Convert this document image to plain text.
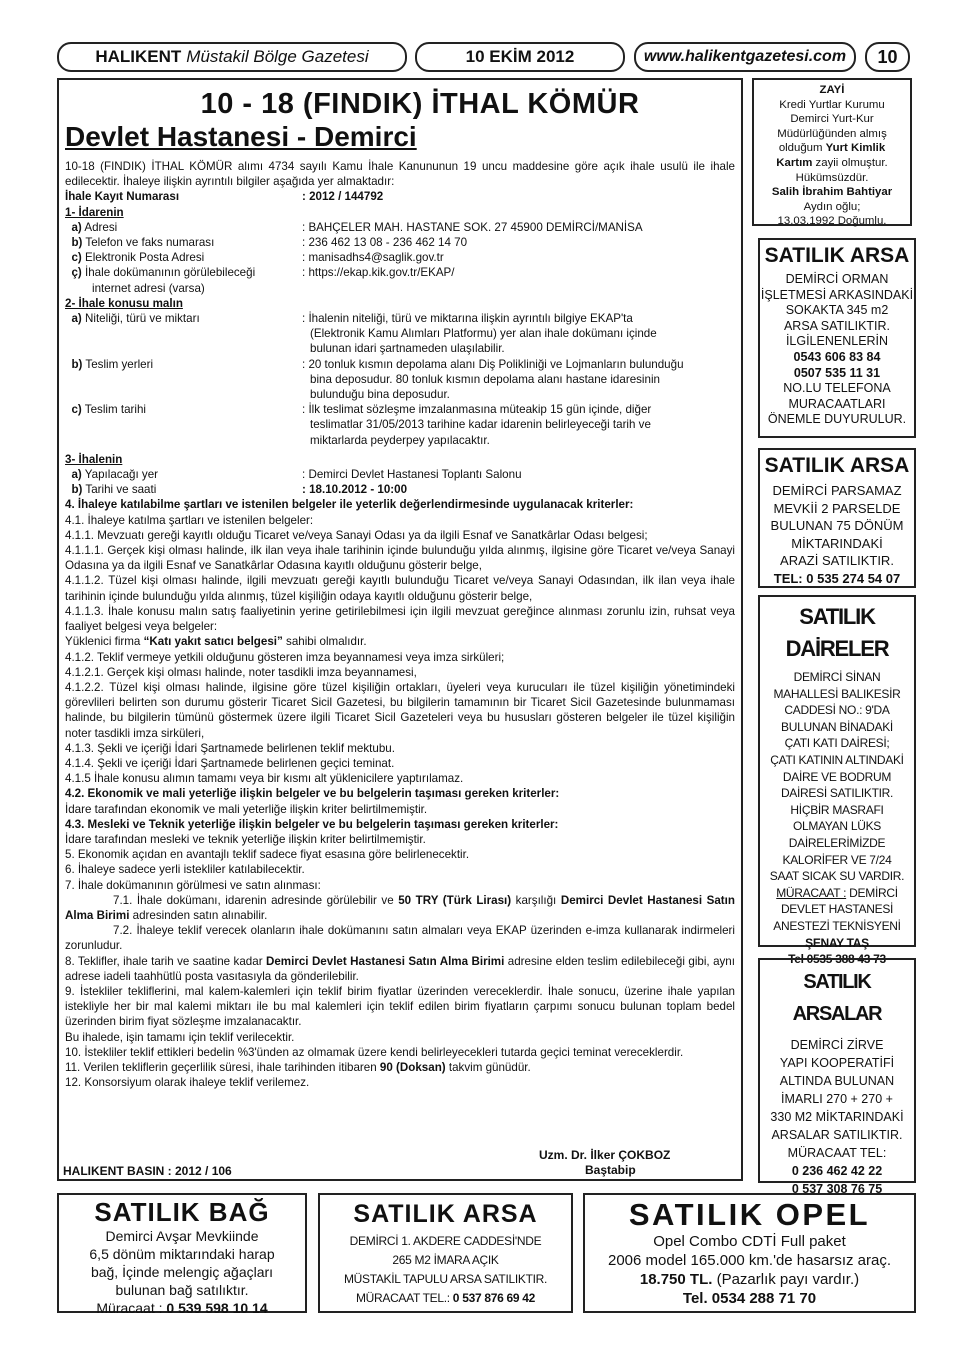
HALIKENT Müstakil Bölge Gazetesi	10 EKİM 2012	www.halikentgazetesi.com 10
10 - 18 (FINDIK) İTHAL KÖMÜR
Devlet Hastanesi - Demirci

10-18 (FINDIK) İTHAL KÖMÜR alımı 4734 sayılı Kamu İhale Kanununun 19 uncu maddesine göre açık ihale usulü ile ihale edilecektir. İhaleye ilişkin ayrıntılı bilgiler aşağıda yer almaktadır:

İhale Kayıt Numarası	: 2012 / 144792

1- İdarenin

a) Adresi	: BAHÇELER MAH. HASTANE SOK. 27 45900 DEMİRCİ/MANİSA
b) Telefon ve faks numarası	: 236 462 13 08 - 236 462 14 70
c) Elektronik Posta Adresi	: manisadhs4@saglik.gov.tr
ç) İhale dokümanının görülebileceği	: https://ekap.kik.gov.tr/EKAP/

internet adresi (varsa)

2- İhale konusu malın

a) Niteliği, türü ve miktarı	: İhalenin niteliği, türü ve miktarına ilişkin ayrıntılı bilgiye EKAP'ta
(Elektronik Kamu Alımları Platformu) yer alan ihale dokümanı içinde
bulunan idari şartnameden ulaşılabilir.
b) Teslim yerleri	: 20 tonluk kısmın depolama alanı Diş Polikliniği ve Lojmanların bulunduğu
bina deposudur. 80 tonluk kısmın depolama alanı hastane idaresinin
bulunduğu bina deposudur.
c) Teslim tarihi	: İlk teslimat sözleşme imzalanmasına müteakip 15 gün içinde, diğer
teslimatlar 31/05/2013 tarihine kadar idarenin belirleyeceği tarih ve
miktarlarda peyderpey yapılacaktır.

3- İhalenin

a) Yapılacağı yer	: Demirci Devlet Hastanesi Toplantı Salonu
b) Tarihi ve saati	: 18.10.2012 - 10:00

4. İhaleye katılabilme şartları ve istenilen belgeler ile yeterlik değerlendirmesinde uygulanacak kriterler:

4.1. İhaleye katılma şartları ve istenilen belgeler:

4.1.1. Mevzuatı gereği kayıtlı olduğu Ticaret ve/veya Sanayi Odası ya da ilgili Esnaf ve Sanatkârlar Odası belgesi;

4.1.1.1. Gerçek kişi olması halinde, ilk ilan veya ihale tarihinin içinde bulunduğu yılda alınmış, ilgisine göre Ticaret ve/veya Sanayi Odasına ya da ilgili Esnaf ve Sanatkârlar Odasına kayıtlı olduğunu gösterir belge,

4.1.1.2. Tüzel kişi olması halinde, ilgili mevzuatı gereği kayıtlı bulunduğu Ticaret ve/veya Sanayi Odasından, ilk ilan veya ihale tarihinin içinde bulunduğu yılda alınmış, tüzel kişiliğin odaya kayıtlı olduğunu gösterir belge,

4.1.1.3. İhale konusu malın satış faaliyetinin yerine getirilebilmesi için ilgili mevzuat gereğince alınması zorunlu izin, ruhsat veya faaliyet belgesi veya belgeler:

Yüklenici firma “Katı yakıt satıcı belgesi” sahibi olmalıdır.

4.1.2. Teklif vermeye yetkili olduğunu gösteren imza beyannamesi veya imza sirküleri;

4.1.2.1. Gerçek kişi olması halinde, noter tasdikli imza beyannamesi,

4.1.2.2. Tüzel kişi olması halinde, ilgisine göre tüzel kişiliğin ortakları, üyeleri veya kurucuları ile tüzel kişiliğin yönetimindeki görevlileri belirten son durumu gösterir Ticaret Sicil Gazetesi, bu bilgilerin tamamının bir Ticaret Sicil Gazetesinde bulunmaması halinde, bu bilgilerin tümünü göstermek üzere ilgili Ticaret Sicil Gazeteleri veya bu hususları gösteren belgeler ile tüzel kişiliğin noter tasdikli imza sirküleri,

4.1.3. Şekli ve içeriği İdari Şartnamede belirlenen teklif mektubu.

4.1.4. Şekli ve içeriği İdari Şartnamede belirlenen geçici teminat.

4.1.5 İhale konusu alımın tamamı veya bir kısmı alt yüklenicilere yaptırılamaz.

4.2. Ekonomik ve mali yeterliğe ilişkin belgeler ve bu belgelerin taşıması gereken kriterler:

İdare tarafından ekonomik ve mali yeterliğe ilişkin kriter belirtilmemiştir.

4.3. Mesleki ve Teknik yeterliğe ilişkin belgeler ve bu belgelerin taşıması gereken kriterler:

İdare tarafından mesleki ve teknik yeterliğe ilişkin kriter belirtilmemiştir.

5. Ekonomik açıdan en avantajlı teklif sadece fiyat esasına göre belirlenecektir.

6. İhaleye sadece yerli istekliler katılabilecektir.

7. İhale dokümanının görülmesi ve satın alınması:

7.1. İhale dokümanı, idarenin adresinde görülebilir ve 50 TRY (Türk Lirası) karşılığı Demirci Devlet Hastanesi Satın Alma Birimi adresinden satın alınabilir.

7.2. İhaleye teklif verecek olanların ihale dokümanını satın almaları veya EKAP üzerinden e-imza kullanarak indirmeleri zorunludur.

8. Teklifler, ihale tarih ve saatine kadar Demirci Devlet Hastanesi Satın Alma Birimi adresine elden teslim edilebileceği gibi, aynı adrese iadeli taahhütlü posta vasıtasıyla da gönderilebilir.

9. İstekliler tekliflerini, mal kalem-kalemleri için teklif birim fiyatlar üzerinden vereceklerdir. İhale sonucu, üzerine ihale yapılan istekliyle her bir mal kalemi miktarı ile bu mal kalemleri için teklif edilen birim fiyatların çarpımı sonucu bulunan toplam bedel üzerinden birim fiyat sözleşme imzalanacaktır.

Bu ihalede, işin tamamı için teklif verilecektir.

10. İstekliler teklif ettikleri bedelin %3'ünden az olmamak üzere kendi belirleyecekleri tutarda geçici teminat vereceklerdir.

11. Verilen tekliflerin geçerlilik süresi, ihale tarihinden itibaren 90 (Doksan) takvim günüdür.

12. Konsorsiyum olarak ihaleye teklif verilemez.

Uzm. Dr. İlker ÇOKBOZ
Baştabip
HALIKENT BASIN : 2012 / 106
ZAYİ
Kredi Yurtlar Kurumu
Demirci Yurt-Kur
Müdürlüğünden almış
olduğum Yurt Kimlik
Kartım zayii olmuştur.
Hükümsüzdür.
Salih İbrahim Bahtiyar
Aydın oğlu;
13.03.1992 Doğumlu.
SATILIK ARSA
DEMİRCİ ORMAN
İŞLETMESİ ARKASINDAKİ
SOKAKTA 345 m2
ARSA SATILIKTIR.
İLGİLENENLERİN
0543 606 83 84
0507 535 11 31
NO.LU TELEFONA
MURACAATLARI
ÖNEMLE DUYURULUR.
SATILIK ARSA
DEMİRCİ PARSAMAZ
MEVKİİ 2 PARSELDE
BULUNAN 75 DÖNÜM
MİKTARINDAKİ
ARAZİ SATILIKTIR.
TEL: 0 535 274 54 07
SATILIK DAİRELER
DEMİRCİ SİNAN
MAHALLESİ BALIKESİR
CADDESİ NO.: 9'DA
BULUNAN BİNADAKİ
ÇATI KATI DAİRESİ;
ÇATI KATININ ALTINDAKİ
DAİRE VE BODRUM
DAİRESİ SATILIKTIR.
HİÇBİR MASRAFI
OLMAYAN LÜKS
DAİRELERİMİZDE
KALORİFER VE 7/24
SAAT SICAK SU VARDIR.
MÜRACAAT : DEMİRCİ
DEVLET HASTANESİ
ANESTEZİ TEKNİSYENİ
ŞENAY TAŞ
Tel 0535 388 43 73
SATILIK ARSALAR
DEMİRCİ ZİRVE
YAPI KOOPERATİFİ
ALTINDA BULUNAN
İMARLI 270 + 270 +
330 M2 MİKTARINDAKİ
ARSALAR SATILIKTIR.
MÜRACAAT TEL:
0 236 462 42 22
0 537 308 76 75
SATILIK BAĞ
Demirci Avşar Mevkiinde
6,5 dönüm miktarındaki harap
bağ, İçinde melengiç ağaçları
bulunan bağ satılıktır.
Müracaat : 0 539 598 10 14
SATILIK ARSA
DEMİRCİ 1. AKDERE CADDESİ'NDE
265 M2 İMARA AÇIK
MÜSTAKİL TAPULU ARSA SATILIKTIR.
MÜRACAAT TEL.: 0 537 876 69 42
SATILIK OPEL
Opel Combo CDTİ Full paket
2006 model 165.000 km.'de hasarsız araç.
18.750 TL. (Pazarlık payı vardır.)
Tel. 0534 288 71 70
